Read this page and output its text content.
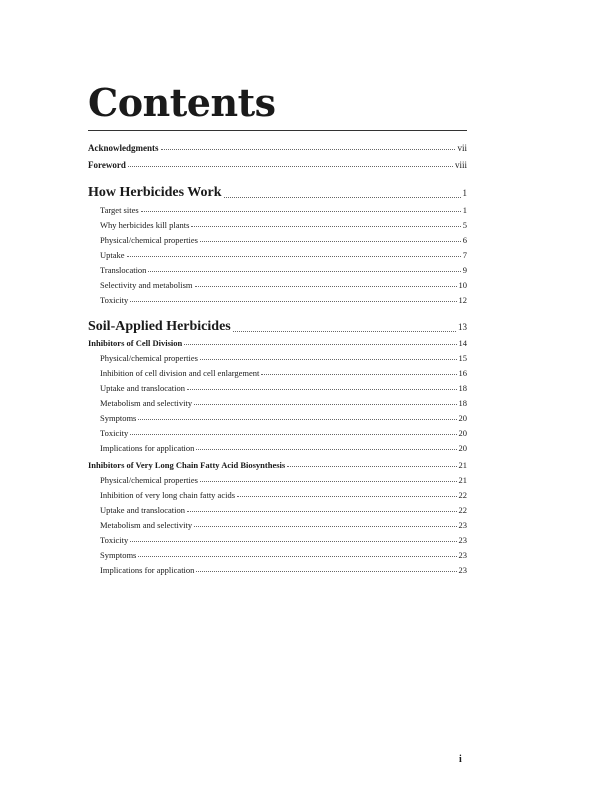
Contents
Acknowledgments	vii
Foreword	viii
How Herbicides Work	1
Target sites	1
Why herbicides kill plants	5
Physical/chemical properties	6
Uptake	7
Translocation	9
Selectivity and metabolism	10
Toxicity	12
Soil-Applied Herbicides	13
Inhibitors of Cell Division	14
Physical/chemical properties	15
Inhibition of cell division and cell enlargement	16
Uptake and translocation	18
Metabolism and selectivity	18
Symptoms	20
Toxicity	20
Implications for application	20
Inhibitors of Very Long Chain Fatty Acid Biosynthesis	21
Physical/chemical properties	21
Inhibition of very long chain fatty acids	22
Uptake and translocation	22
Metabolism and selectivity	23
Toxicity	23
Symptoms	23
Implications for application	23
i
